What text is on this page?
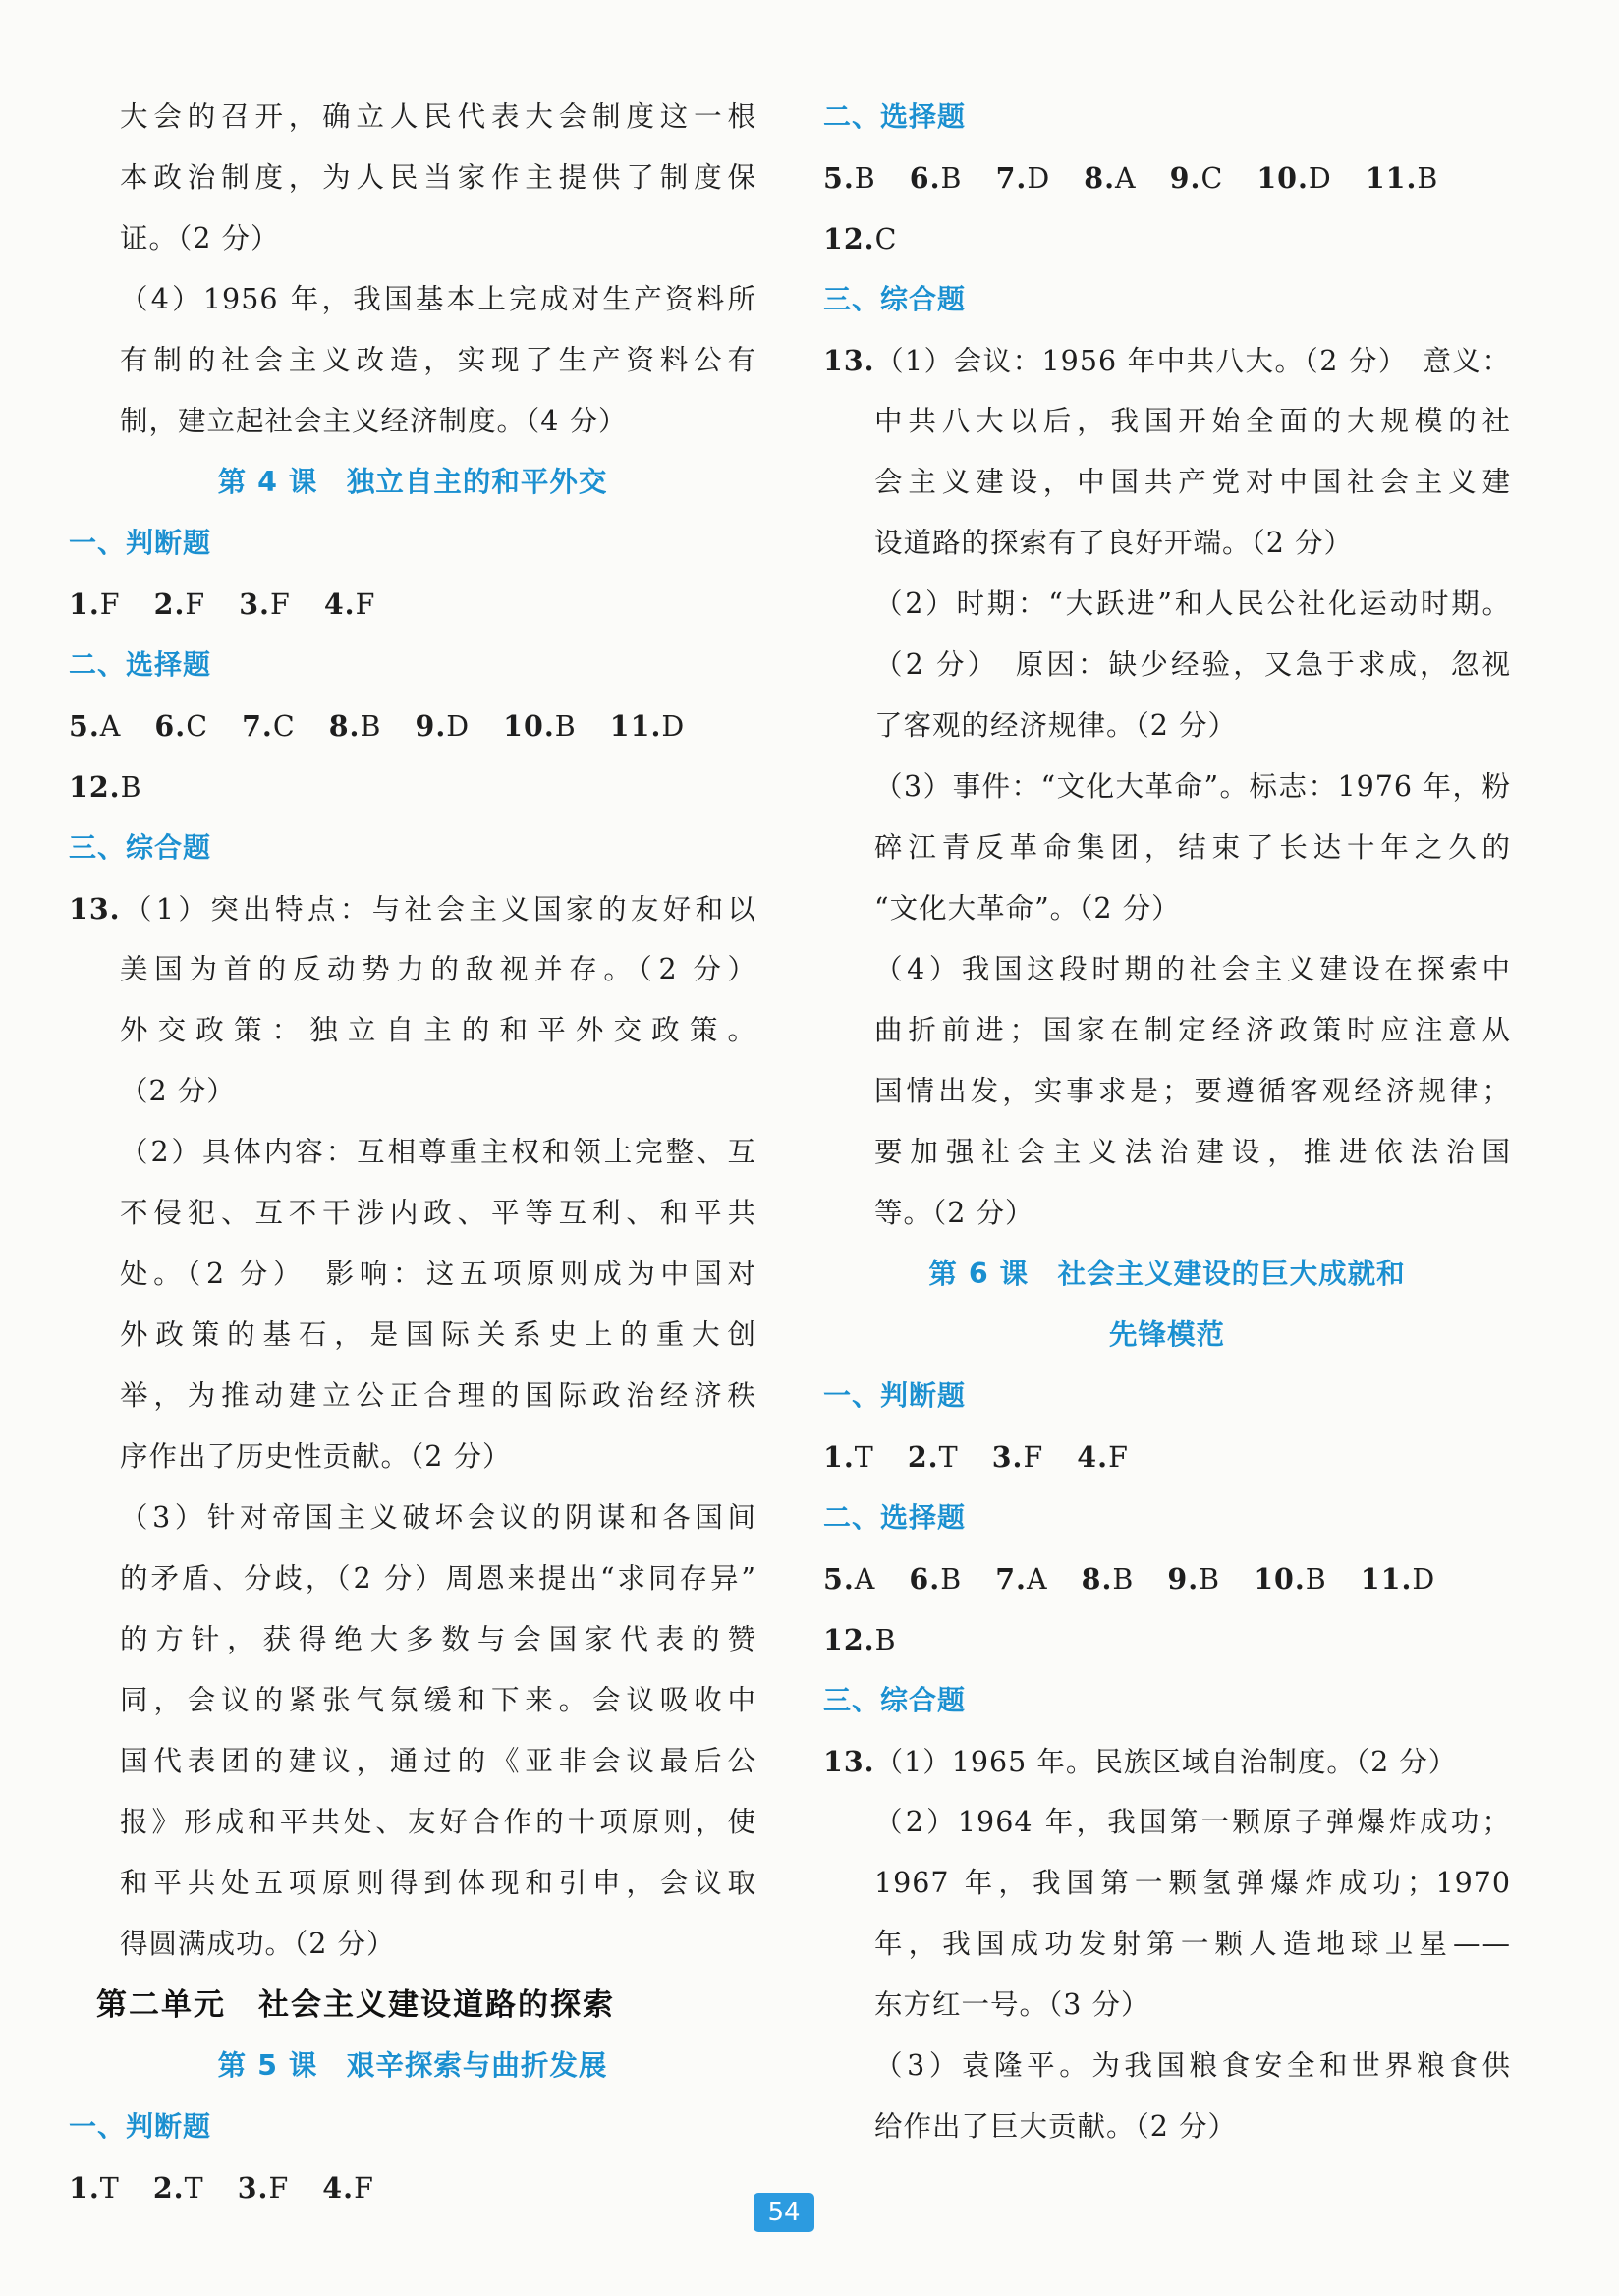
大会的召开，确立人民代表大会制度这一根
本政治制度，为人民当家作主提供了制度保
证。（2 分）
（4）1956 年，我国基本上完成对生产资料所
有制的社会主义改造，实现了生产资料公有
制，建立起社会主义经济制度。（4 分）
第 4 课　独立自主的和平外交
一、判断题
1.F 2.F 3.F 4.F
二、选择题
5.A 6.C 7.C 8.B 9.D 10.B 11.D
12.B
三、综合题
13.（1）突出特点：与社会主义国家的友好和以
美国为首的反动势力的敌视并存。（2 分）
外交政策：独立自主的和平外交政策。
（2 分）
（2）具体内容：互相尊重主权和领土完整、互
不侵犯、互不干涉内政、平等互利、和平共
处。（2 分）　影响：这五项原则成为中国对
外政策的基石，是国际关系史上的重大创
举，为推动建立公正合理的国际政治经济秩
序作出了历史性贡献。（2 分）
（3）针对帝国主义破坏会议的阴谋和各国间
的矛盾、分歧，（2 分）周恩来提出“求同存异”
的方针，获得绝大多数与会国家代表的赞
同，会议的紧张气氛缓和下来。会议吸收中
国代表团的建议，通过的《亚非会议最后公
报》形成和平共处、友好合作的十项原则，使
和平共处五项原则得到体现和引申，会议取
得圆满成功。（2 分）
第二单元　社会主义建设道路的探索
第 5 课　艰辛探索与曲折发展
一、判断题
1.T 2.T 3.F 4.F
二、选择题
5.B 6.B 7.D 8.A 9.C 10.D 11.B
12.C
三、综合题
13.（1）会议：1956 年中共八大。（2 分）　意义：
中共八大以后，我国开始全面的大规模的社
会主义建设，中国共产党对中国社会主义建
设道路的探索有了良好开端。（2 分）
（2）时期：“大跃进”和人民公社化运动时期。
（2 分）　原因：缺少经验，又急于求成，忽视
了客观的经济规律。（2 分）
（3）事件：“文化大革命”。标志：1976 年，粉
碎江青反革命集团，结束了长达十年之久的
“文化大革命”。（2 分）
（4）我国这段时期的社会主义建设在探索中
曲折前进；国家在制定经济政策时应注意从
国情出发，实事求是；要遵循客观经济规律；
要加强社会主义法治建设，推进依法治国
等。（2 分）
第 6 课　社会主义建设的巨大成就和
先锋模范
一、判断题
1.T 2.T 3.F 4.F
二、选择题
5.A 6.B 7.A 8.B 9.B 10.B 11.D
12.B
三、综合题
13.（1）1965 年。民族区域自治制度。（2 分）
（2）1964 年，我国第一颗原子弹爆炸成功；
1967 年，我国第一颗氢弹爆炸成功；1970
年，我国成功发射第一颗人造地球卫星——
东方红一号。（3 分）
（3）袁隆平。为我国粮食安全和世界粮食供
给作出了巨大贡献。（2 分）
54
